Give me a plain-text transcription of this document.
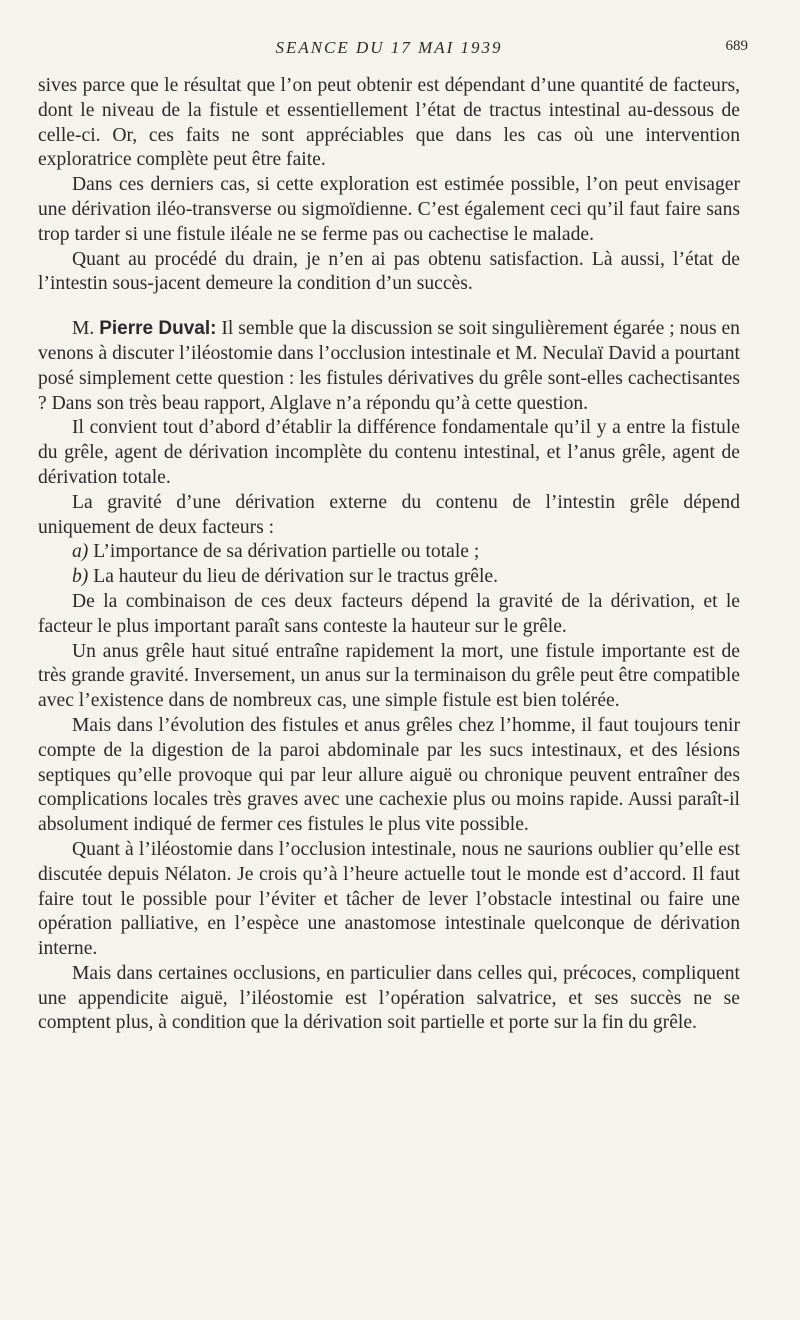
SEANCE DU 17 MAI 1939	689

sives parce que le résultat que l’on peut obtenir est dépendant d’une quantité de facteurs, dont le niveau de la fistule et essentiellement l’état de tractus intestinal au-dessous de celle-ci. Or, ces faits ne sont appréciables que dans les cas où une intervention exploratrice complète peut être faite.

Dans ces derniers cas, si cette exploration est estimée possible, l’on peut envisager une dérivation iléo-transverse ou sigmoïdienne. C’est également ceci qu’il faut faire sans trop tarder si une fistule iléale ne se ferme pas ou cachectise le malade.

Quant au procédé du drain, je n’en ai pas obtenu satisfaction. Là aussi, l’état de l’intestin sous-jacent demeure la condition d’un succès.

M. Pierre Duval: Il semble que la discussion se soit singulièrement égarée ; nous en venons à discuter l’iléostomie dans l’occlusion intestinale et M. Neculaï David a pourtant posé simplement cette question : les fistules dérivatives du grêle sont-elles cachectisantes ? Dans son très beau rapport, Alglave n’a répondu qu’à cette question.

Il convient tout d’abord d’établir la différence fondamentale qu’il y a entre la fistule du grêle, agent de dérivation incomplète du contenu intestinal, et l’anus grêle, agent de dérivation totale.

La gravité d’une dérivation externe du contenu de l’intestin grêle dépend uniquement de deux facteurs :

a) L’importance de sa dérivation partielle ou totale ;

b) La hauteur du lieu de dérivation sur le tractus grêle.

De la combinaison de ces deux facteurs dépend la gravité de la dérivation, et le facteur le plus important paraît sans conteste la hauteur sur le grêle.

Un anus grêle haut situé entraîne rapidement la mort, une fistule importante est de très grande gravité. Inversement, un anus sur la terminaison du grêle peut être compatible avec l’existence dans de nombreux cas, une simple fistule est bien tolérée.

Mais dans l’évolution des fistules et anus grêles chez l’homme, il faut toujours tenir compte de la digestion de la paroi abdominale par les sucs intestinaux, et des lésions septiques qu’elle provoque qui par leur allure aiguë ou chronique peuvent entraîner des complications locales très graves avec une cachexie plus ou moins rapide. Aussi paraît-il absolument indiqué de fermer ces fistules le plus vite possible.

Quant à l’iléostomie dans l’occlusion intestinale, nous ne saurions oublier qu’elle est discutée depuis Nélaton. Je crois qu’à l’heure actuelle tout le monde est d’accord. Il faut faire tout le possible pour l’éviter et tâcher de lever l’obstacle intestinal ou faire une opération palliative, en l’espèce une anastomose intestinale quelconque de dérivation interne.

Mais dans certaines occlusions, en particulier dans celles qui, précoces, compliquent une appendicite aiguë, l’iléostomie est l’opération salvatrice, et ses succès ne se comptent plus, à condition que la dérivation soit partielle et porte sur la fin du grêle.
